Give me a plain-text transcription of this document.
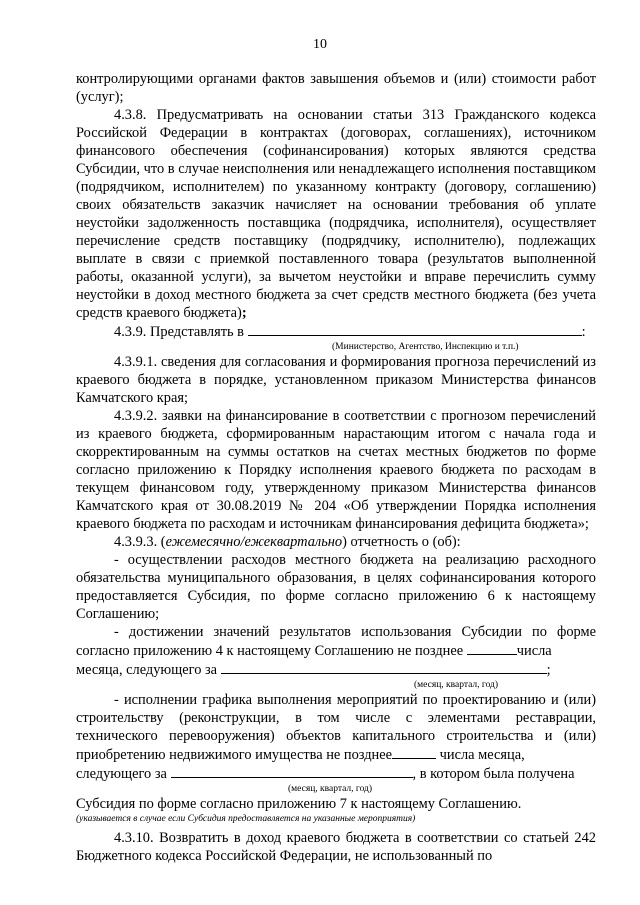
10

контролирующими органами фактов завышения объемов и (или) стоимости работ (услуг);

4.3.8. Предусматривать на основании статьи 313 Гражданского кодекса Российской Федерации в контрактах (договорах, соглашениях), источником финансового обеспечения (софинансирования) которых являются средства Субсидии, что в случае неисполнения или ненадлежащего исполнения поставщиком (подрядчиком, исполнителем) по указанному контракту (договору, соглашению) своих обязательств заказчик начисляет на основании требования об уплате неустойки задолженность поставщика (подрядчика, исполнителя), осуществляет перечисление средств поставщику (подрядчику, исполнителю), подлежащих выплате в связи с приемкой поставленного товара (результатов выполненной работы, оказанной услуги), за вычетом неустойки и вправе перечислить сумму неустойки в доход местного бюджета за счет средств местного бюджета (без учета средств краевого бюджета);

4.3.9. Представлять в	:
(Министерство, Агентство, Инспекцию и т.п.)

4.3.9.1. сведения для согласования и формирования прогноза перечислений из краевого бюджета в порядке, установленном приказом Министерства финансов Камчатского края;

4.3.9.2. заявки на финансирование в соответствии с прогнозом перечислений из краевого бюджета, сформированным нарастающим итогом с начала года и скорректированным на суммы остатков на счетах местных бюджетов по форме согласно приложению к Порядку исполнения краевого бюджета по расходам в текущем финансовом году, утвержденному приказом Министерства финансов Камчатского края от 30.08.2019 № 204 «Об утверждении Порядка исполнения краевого бюджета по расходам и источникам финансирования дефицита бюджета»;

4.3.9.3. (ежемесячно/ежеквартально) отчетность о (об):

- осуществлении расходов местного бюджета на реализацию расходного обязательства муниципального образования, в целях софинансирования которого предоставляется Субсидия, по форме согласно приложению 6 к настоящему Соглашению;

- достижении значений результатов использования Субсидии по форме согласно приложению 4 к настоящему Соглашению не позднее	числа

месяца, следующего за	;
(месяц, квартал, год)

- исполнении графика выполнения мероприятий по проектированию и (или) строительству (реконструкции, в том числе с элементами реставрации, технического перевооружения) объектов капитального строительства и (или) приобретению недвижимого имущества не позднее	числа месяца,

следующего за	, в котором была получена
(месяц, квартал, год)

Субсидия по форме согласно приложению 7 к настоящему Соглашению.

(указывается в случае если Субсидия предоставляется на указанные мероприятия)

4.3.10. Возвратить в доход краевого бюджета в соответствии со статьей 242 Бюджетного кодекса Российской Федерации, не использованный по
